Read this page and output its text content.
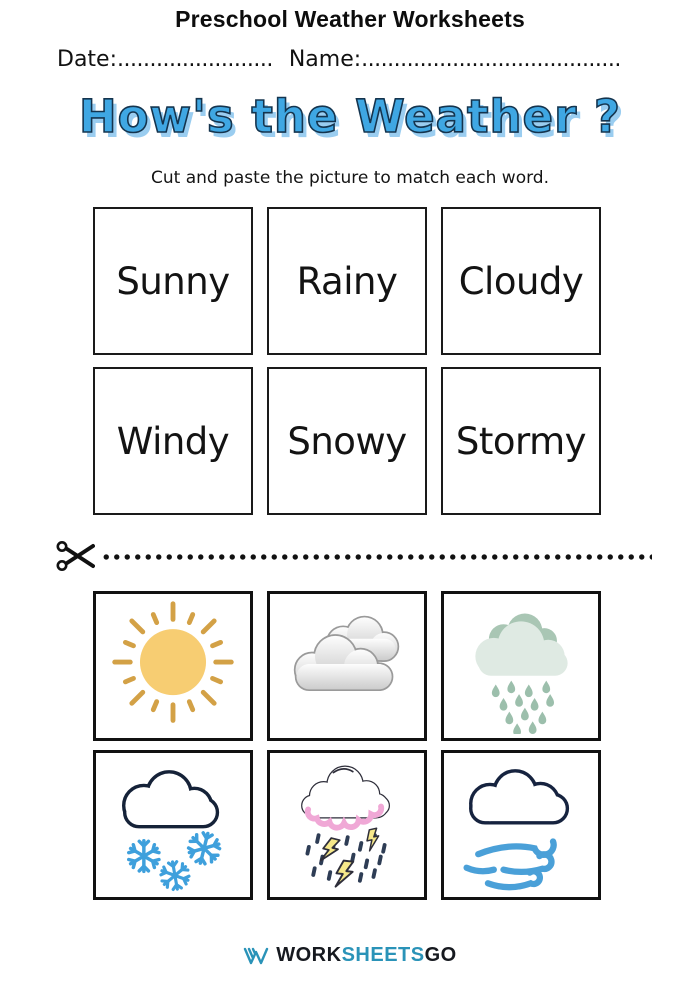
Preschool Weather Worksheets
Date: ........................ Name: ........................................
How's the Weather ?
Cut and paste the picture to match each word.
Sunny Rainy Cloudy
Windy Snowy Stormy
WORKSHEETSGO
